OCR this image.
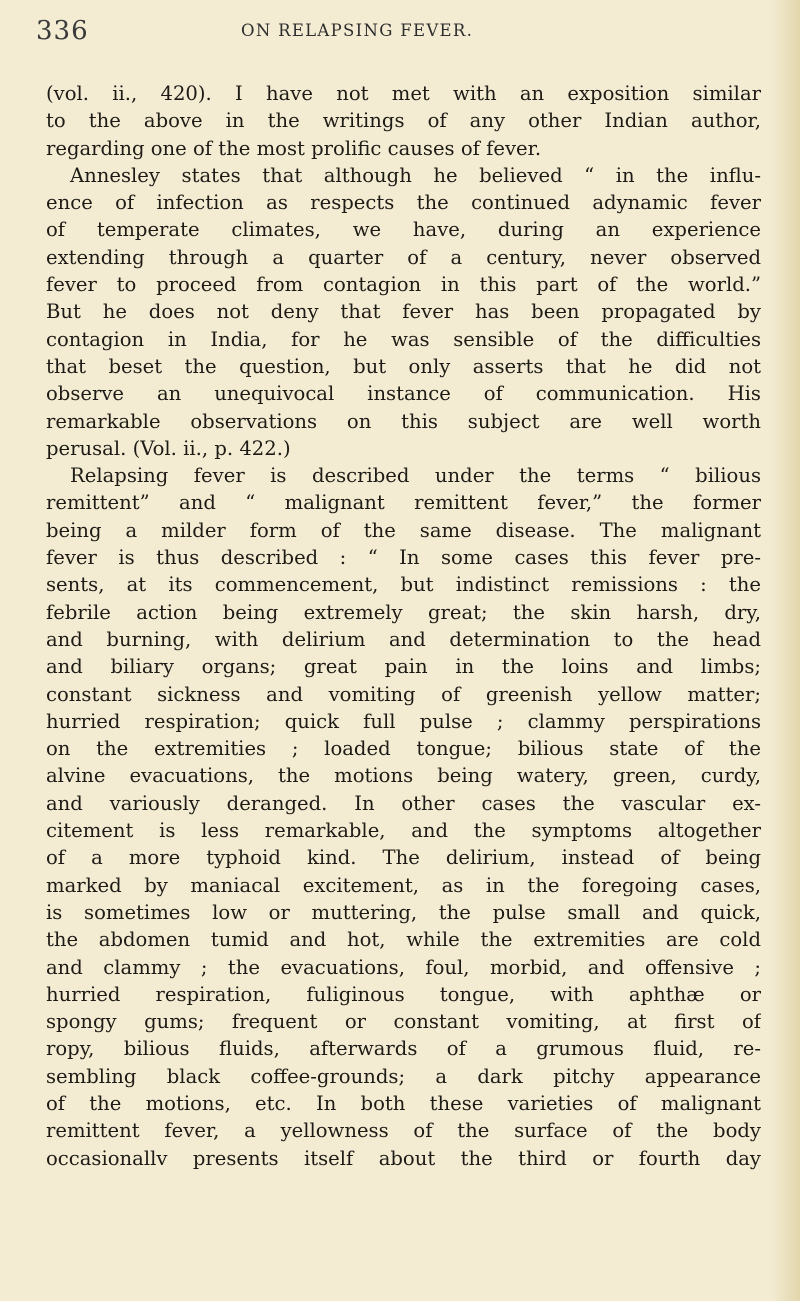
336	ON RELAPSING FEVER.
(vol. ii., 420). I have not met with an exposition similar
to the above in the writings of any other Indian author,
regarding one of the most prolific causes of fever.
Annesley states that although he believed “ in the influ-
ence of infection as respects the continued adynamic fever
of temperate climates, we have, during an experience
extending through a quarter of a century, never observed
fever to proceed from contagion in this part of the world.”
But he does not deny that fever has been propagated by
contagion in India, for he was sensible of the difficulties
that beset the question, but only asserts that he did not
observe an unequivocal instance of communication. His
remarkable observations on this subject are well worth
perusal. (Vol. ii., p. 422.)
Relapsing fever is described under the terms “ bilious
remittent” and “ malignant remittent fever,” the former
being a milder form of the same disease. The malignant
fever is thus described : “ In some cases this fever pre-
sents, at its commencement, but indistinct remissions : the
febrile action being extremely great; the skin harsh, dry,
and burning, with delirium and determination to the head
and biliary organs; great pain in the loins and limbs;
constant sickness and vomiting of greenish yellow matter;
hurried respiration; quick full pulse ; clammy perspirations
on the extremities ; loaded tongue; bilious state of the
alvine evacuations, the motions being watery, green, curdy,
and variously deranged. In other cases the vascular ex-
citement is less remarkable, and the symptoms altogether
of a more typhoid kind. The delirium, instead of being
marked by maniacal excitement, as in the foregoing cases,
is sometimes low or muttering, the pulse small and quick,
the abdomen tumid and hot, while the extremities are cold
and clammy ; the evacuations, foul, morbid, and offensive ;
hurried respiration, fuliginous tongue, with aphthæ or
spongy gums; frequent or constant vomiting, at first of
ropy, bilious fluids, afterwards of a grumous fluid, re-
sembling black coffee-grounds; a dark pitchy appearance
of the motions, etc. In both these varieties of malignant
remittent fever, a yellowness of the surface of the body
occasionallv presents itself about the third or fourth day
